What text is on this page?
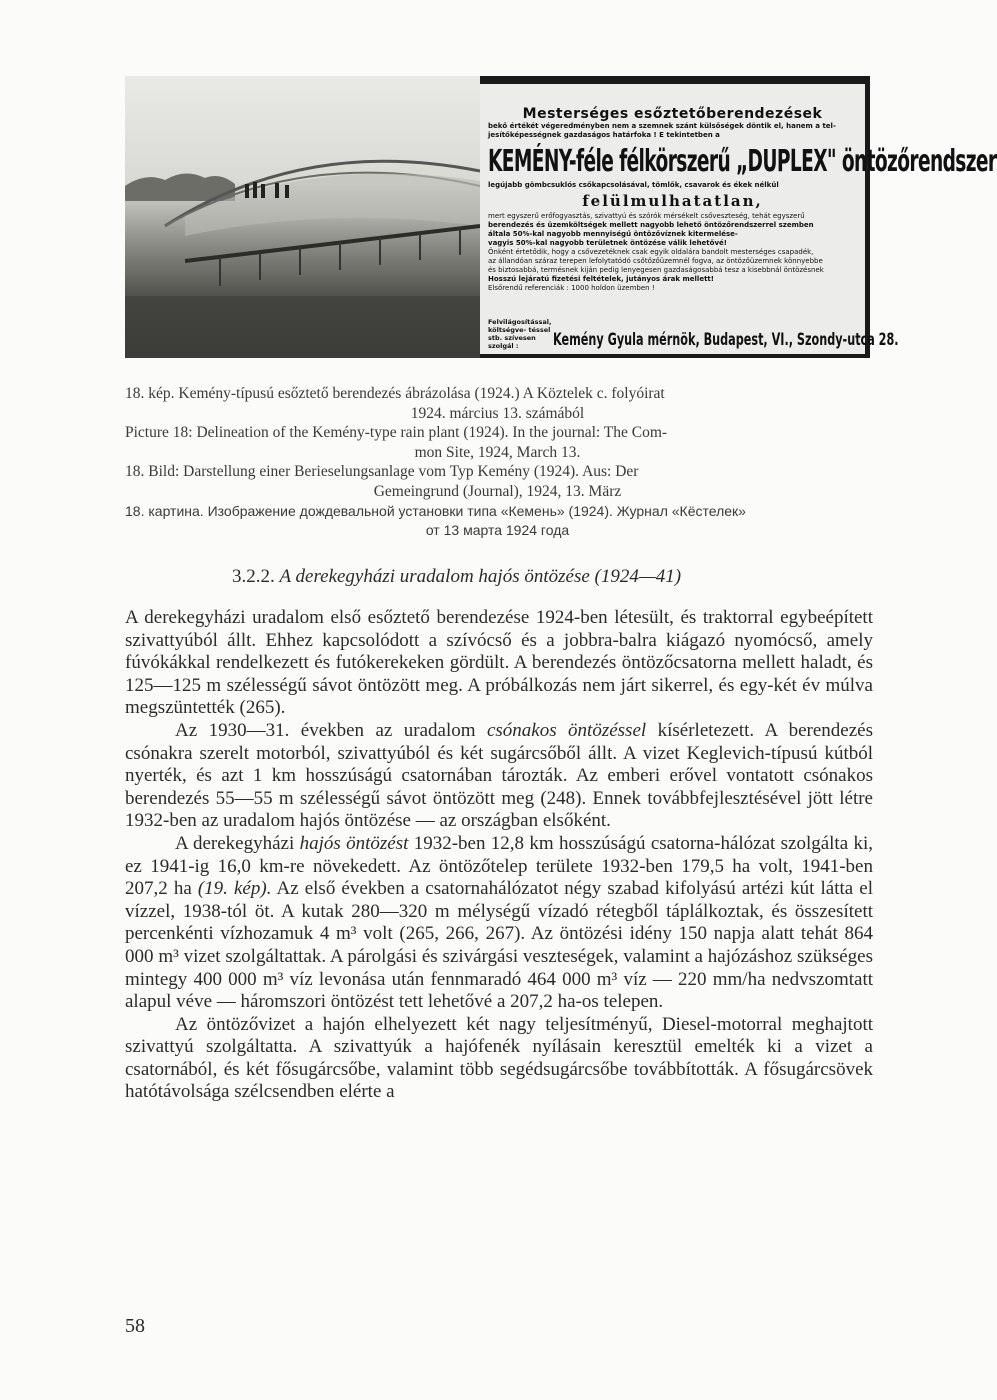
Mesterséges esőztetőberendezések
bekő értékét végeredményben nem a szemnek szánt külsőségek döntik el, hanem a tel-
jesítőképességnek gazdaságos határfoka ! E tekintetben a
KEMÉNY-féle félkörszerű „DUPLEX" öntözőrendszer
legújabb gömbcsuklós csőkapcsolásával, tömlők, csavarok és ékek nélkül
felülmulhatatlan,
mert egyszerű erőfogyasztás, szivattyú és szórók mérsékelt csőveszteség, tehát egyszerű
berendezés és üzemköltségek mellett nagyobb lehető öntözőrendszerrel szemben
általa 50%-kal nagyobb mennyiségű öntözővíznek kitermelése-
vagyis 50%-kal nagyobb területnek öntözése válik lehetővé!
Önként értetődik, hogy a csővezetéknek csak egyik oldalára bandolt mesterséges csapadék,
az állandóan száraz terepen lefolytatódó csőtőzőüzemnél fogva, az öntözőüzemnek könnyebbe
és biztosabbá, termésnek kiján pedig lenyegesen gazdaságosabbá tesz a kisebbnál öntözésnek
Hosszú lejáratú fizetési feltételek, jutányos árak mellett!
Elsőrendű referenciák : 1000 holdon üzemben !
Felvilágosítással, költségve- téssel stb. szívesen szolgál :	Kemény Gyula mérnök, Budapest, VI., Szondy-utca 28.

18. kép. Kemény-típusú esőztető berendezés ábrázolása (1924.) A Köztelek c. folyóirat

1924. március 13. számából

Picture 18: Delineation of the Kemény-type rain plant (1924). In the journal: The Com-

mon Site, 1924, March 13.

18. Bild: Darstellung einer Berieselungsanlage vom Typ Kemény (1924). Aus: Der

Gemeingrund (Journal), 1924, 13. März

18. картина. Изображение дождевальной установки типа «Кемень» (1924). Журнал «Кёстелек»

от 13 марта 1924 года

3.2.2. A derekegyházi uradalom hajós öntözése (1924—41)

A derekegyházi uradalom első esőztető berendezése 1924-ben létesült, és traktorral egybeépített szivattyúból állt. Ehhez kapcsolódott a szívócső és a jobbra-balra kiágazó nyomócső, amely fúvókákkal rendelkezett és futókerekeken gördült. A berendezés öntözőcsatorna mellett haladt, és 125—125 m szélességű sávot öntözött meg. A próbálkozás nem járt sikerrel, és egy-két év múlva megszüntették (265).

Az 1930—31. években az uradalom csónakos öntözéssel kísérletezett. A berendezés csónakra szerelt motorból, szivattyúból és két sugárcsőből állt. A vizet Keglevich-típusú kútból nyerték, és azt 1 km hosszúságú csatornában tározták. Az emberi erővel vontatott csónakos berendezés 55—55 m szélességű sávot öntözött meg (248). Ennek továbbfejlesztésével jött létre 1932-ben az uradalom hajós öntözése — az országban elsőként.

A derekegyházi hajós öntözést 1932-ben 12,8 km hosszúságú csatorna-hálózat szolgálta ki, ez 1941-ig 16,0 km-re növekedett. Az öntözőtelep területe 1932-ben 179,5 ha volt, 1941-ben 207,2 ha (19. kép). Az első években a csatornahálózatot négy szabad kifolyású artézi kút látta el vízzel, 1938-tól öt. A kutak 280—320 m mélységű vízadó rétegből táplálkoztak, és összesített percenkénti vízhozamuk 4 m³ volt (265, 266, 267). Az öntözési idény 150 napja alatt tehát 864 000 m³ vizet szolgáltattak. A párolgási és szivárgási veszteségek, valamint a hajózáshoz szükséges mintegy 400 000 m³ víz levonása után fennmaradó 464 000 m³ víz — 220 mm/ha nedvszomtatt alapul véve — háromszori öntözést tett lehetővé a 207,2 ha-os telepen.

Az öntözővizet a hajón elhelyezett két nagy teljesítményű, Diesel-motorral meghajtott szivattyú szolgáltatta. A szivattyúk a hajófenék nyílásain keresztül emelték ki a vizet a csatornából, és két fősugárcsőbe, valamint több segédsugárcsőbe továbbították. A fősugárcsövek hatótávolsága szélcsendben elérte a

58
